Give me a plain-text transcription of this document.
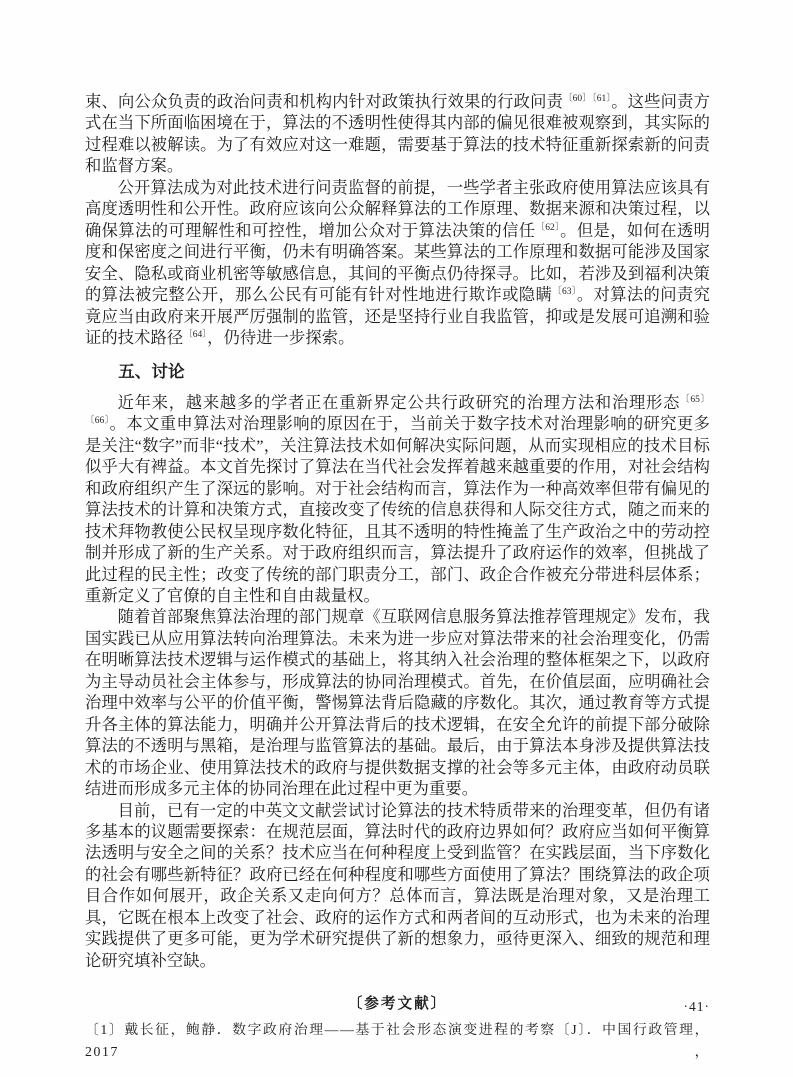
束、向公众负责的政治问责和机构内针对政策执行效果的行政问责$^{〔60〕〔61〕}$。这些问责方式在当下所面临困境在于，算法的不透明性使得其内部的偏见很难被观察到，其实际的过程难以被解读。为了有效应对这一难题，需要基于算法的技术特征重新探索新的问责和监督方案。

公开算法成为对此技术进行问责监督的前提，一些学者主张政府使用算法应该具有高度透明性和公开性。政府应该向公众解释算法的工作原理、数据来源和决策过程，以确保算法的可理解性和可控性，增加公众对于算法决策的信任$^{〔62〕}$。但是，如何在透明度和保密度之间进行平衡，仍未有明确答案。某些算法的工作原理和数据可能涉及国家安全、隐私或商业机密等敏感信息，其间的平衡点仍待探寻。比如，若涉及到福利决策的算法被完整公开，那么公民有可能有针对性地进行欺诈或隐瞒$^{〔63〕}$。对算法的问责究竟应当由政府来开展严厉强制的监管，还是坚持行业自我监管，抑或是发展可追溯和验证的技术路径$^{〔64〕}$，仍待进一步探索。

五、讨论

近年来，越来越多的学者正在重新界定公共行政研究的治理方法和治理形态$^{〔65〕〔66〕}$。本文重申算法对治理影响的原因在于，当前关于数字技术对治理影响的研究更多是关注“数字”而非“技术”，关注算法技术如何解决实际问题，从而实现相应的技术目标似乎大有裨益。本文首先探讨了算法在当代社会发挥着越来越重要的作用，对社会结构和政府组织产生了深远的影响。对于社会结构而言，算法作为一种高效率但带有偏见的算法技术的计算和决策方式，直接改变了传统的信息获得和人际交往方式，随之而来的技术拜物教使公民权呈现序数化特征，且其不透明的特性掩盖了生产政治之中的劳动控制并形成了新的生产关系。对于政府组织而言，算法提升了政府运作的效率，但挑战了此过程的民主性；改变了传统的部门职责分工，部门、政企合作被充分带进科层体系；重新定义了官僚的自主性和自由裁量权。

随着首部聚焦算法治理的部门规章《互联网信息服务算法推荐管理规定》发布，我国实践已从应用算法转向治理算法。未来为进一步应对算法带来的社会治理变化，仍需在明晰算法技术逻辑与运作模式的基础上，将其纳入社会治理的整体框架之下，以政府为主导动员社会主体参与，形成算法的协同治理模式。首先，在价值层面，应明确社会治理中效率与公平的价值平衡，警惕算法背后隐藏的序数化。其次，通过教育等方式提升各主体的算法能力，明确并公开算法背后的技术逻辑，在安全允许的前提下部分破除算法的不透明与黑箱，是治理与监管算法的基础。最后，由于算法本身涉及提供算法技术的市场企业、使用算法技术的政府与提供数据支撑的社会等多元主体，由政府动员联结进而形成多元主体的协同治理在此过程中更为重要。

目前，已有一定的中英文文献尝试讨论算法的技术特质带来的治理变革，但仍有诸多基本的议题需要探索：在规范层面，算法时代的政府边界如何？政府应当如何平衡算法透明与安全之间的关系？技术应当在何种程度上受到监管？在实践层面，当下序数化的社会有哪些新特征？政府已经在何种程度和哪些方面使用了算法？围绕算法的政企项目合作如何展开，政企关系又走向何方？总体而言，算法既是治理对象，又是治理工具，它既在根本上改变了社会、政府的运作方式和两者间的互动形式，也为未来的治理实践提供了更多可能，更为学术研究提供了新的想象力，亟待更深入、细致的规范和理论研究填补空缺。

〔参考文献〕

〔1〕戴长征，鲍静．数字政府治理——基于社会形态演变进程的考察〔J〕．中国行政管理，2017，

·41·
